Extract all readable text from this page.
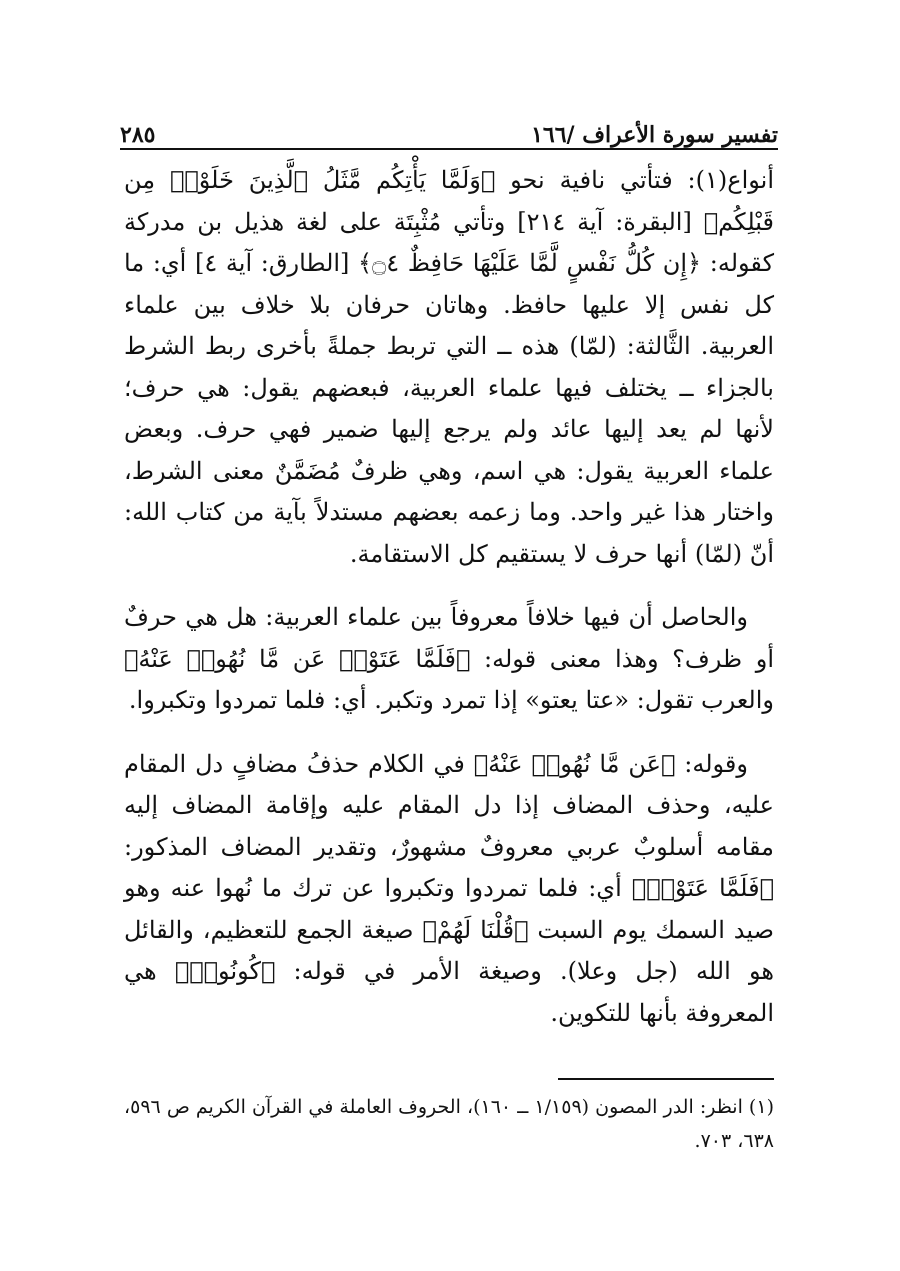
تفسير سورة الأعراف /١٦٦
٢٨٥

أنواع(١): فتأتي نافية نحو ﴿وَلَمَّا يَأْتِكُم مَّثَلُ ٱلَّذِينَ خَلَوْا۟ مِن قَبْلِكُم﴾ [البقرة: آية ٢١٤] وتأتي مُثْبِتَة على لغة هذيل بن مدركة كقوله: ﴿إِن كُلُّ نَفْسٍ لَّمَّا عَلَيْهَا حَافِظٌ ۝٤﴾ [الطارق: آية ٤] أي: ما كل نفس إلا عليها حافظ. وهاتان حرفان بلا خلاف بين علماء العربية. الثَّالثة: (لمّا) هذه ــ التي تربط جملةً بأخرى ربط الشرط بالجزاء ــ يختلف فيها علماء العربية، فبعضهم يقول: هي حرف؛ لأنها لم يعد إليها عائد ولم يرجع إليها ضمير فهي حرف. وبعض علماء العربية يقول: هي اسم، وهي ظرفٌ مُضَمَّنٌ معنى الشرط، واختار هذا غير واحد. وما زعمه بعضهم مستدلاً بآية من كتاب الله: أنّ (لمّا) أنها حرف لا يستقيم كل الاستقامة.

والحاصل أن فيها خلافاً معروفاً بين علماء العربية: هل هي حرفٌ أو ظرف؟ وهذا معنى قوله: ﴿فَلَمَّا عَتَوْا۟ عَن مَّا نُهُوا۟ عَنْهُ﴾ والعرب تقول: «عتا يعتو» إذا تمرد وتكبر. أي: فلما تمردوا وتكبروا.

وقوله: ﴿عَن مَّا نُهُوا۟ عَنْهُ﴾ في الكلام حذفُ مضافٍ دل المقام عليه، وحذف المضاف إذا دل المقام عليه وإقامة المضاف إليه مقامه أسلوبٌ عربي معروفٌ مشهورٌ، وتقدير المضاف المذكور: ﴿فَلَمَّا عَتَوْا۟﴾ أي: فلما تمردوا وتكبروا عن ترك ما نُهوا عنه وهو صيد السمك يوم السبت ﴿قُلْنَا لَهُمْ﴾ صيغة الجمع للتعظيم، والقائل هو الله (جل وعلا). وصيغة الأمر في قوله: ﴿كُونُوا۟﴾ هي المعروفة بأنها للتكوين.

(١) انظر: الدر المصون (١/١٥٩ ــ ١٦٠)، الحروف العاملة في القرآن الكريم ص ٥٩٦، ٦٣٨، ٧٠٣.
